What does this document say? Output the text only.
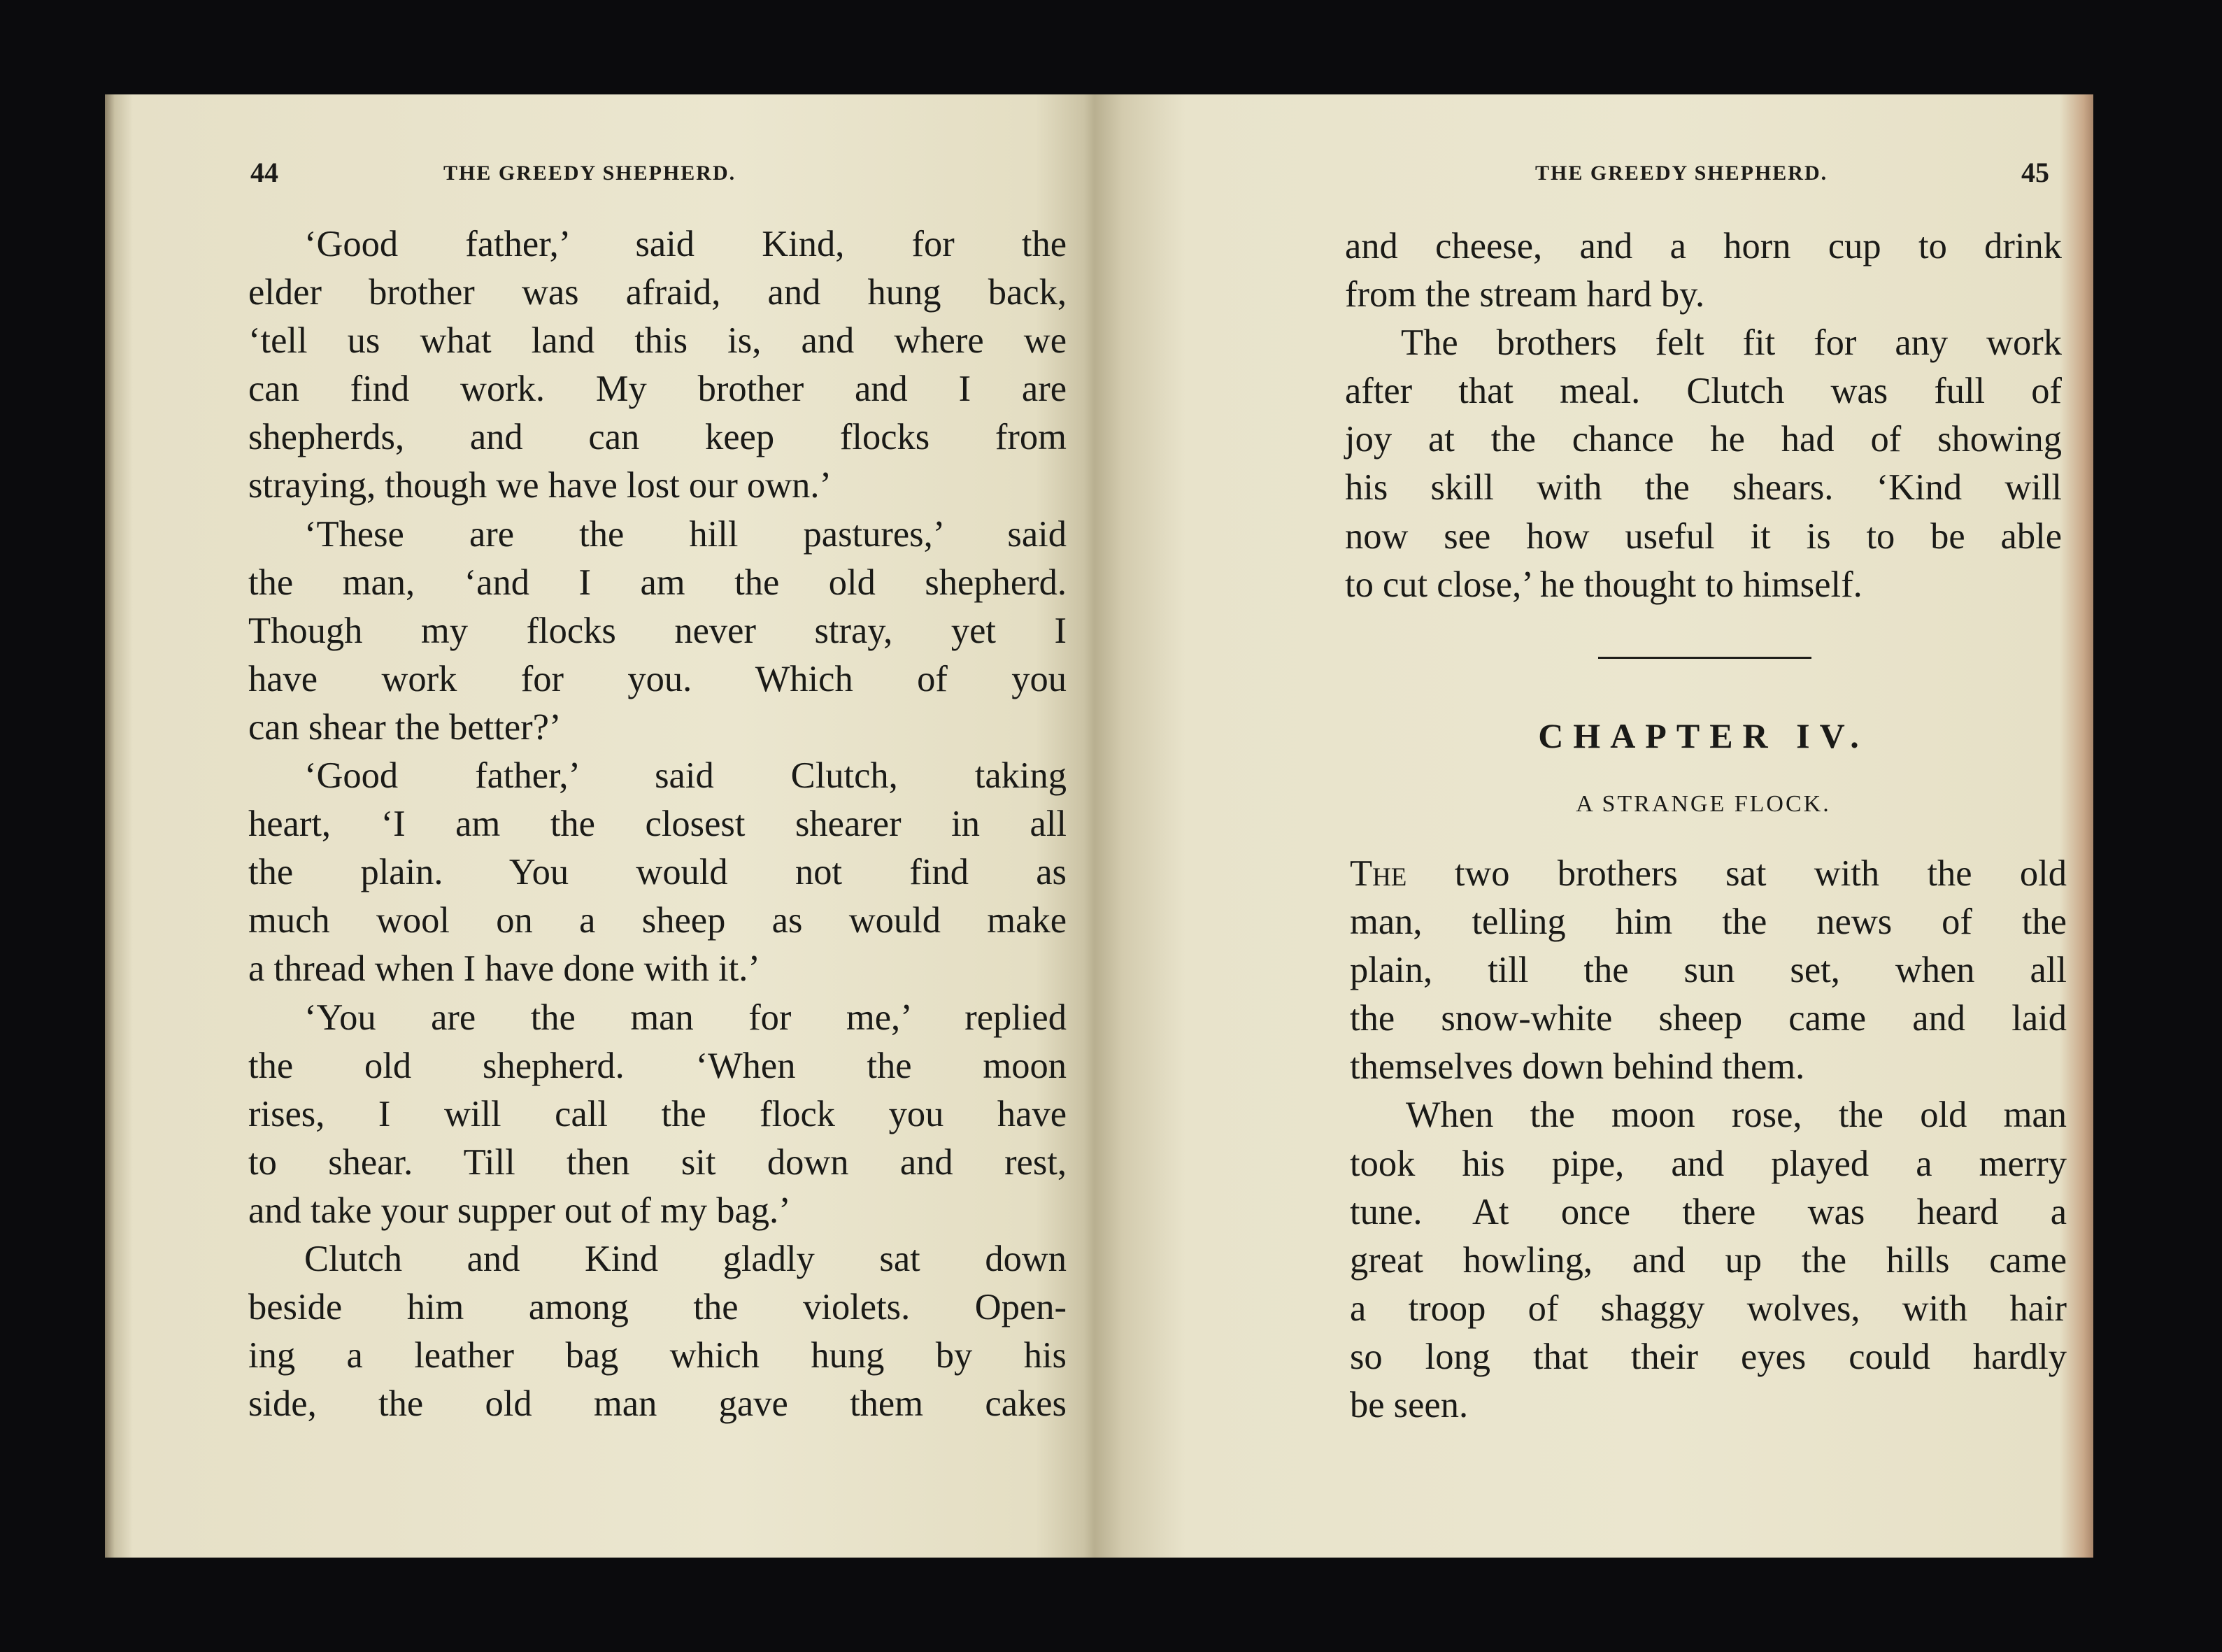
44	THE GREEDY SHEPHERD.
‘Good father,’ said Kind, for the
elder brother was afraid, and hung back,
‘tell us what land this is, and where we
can find work. My brother and I are
shepherds, and can keep flocks from
straying, though we have lost our own.’
‘These are the hill pastures,’ said
the man, ‘and I am the old shepherd.
Though my flocks never stray, yet I
have work for you. Which of you
can shear the better?’
‘Good father,’ said Clutch, taking
heart, ‘I am the closest shearer in all
the plain. You would not find as
much wool on a sheep as would make
a thread when I have done with it.’
‘You are the man for me,’ replied
the old shepherd. ‘When the moon
rises, I will call the flock you have
to shear. Till then sit down and rest,
and take your supper out of my bag.’
Clutch and Kind gladly sat down
beside him among the violets. Open-
ing a leather bag which hung by his
side, the old man gave them cakes
THE GREEDY SHEPHERD.	45
and cheese, and a horn cup to drink
from the stream hard by.
The brothers felt fit for any work
after that meal. Clutch was full of
joy at the chance he had of showing
his skill with the shears. ‘Kind will
now see how useful it is to be able
to cut close,’ he thought to himself.
CHAPTER IV.
A STRANGE FLOCK.
The two brothers sat with the old
man, telling him the news of the
plain, till the sun set, when all
the snow-white sheep came and laid
themselves down behind them.
When the moon rose, the old man
took his pipe, and played a merry
tune. At once there was heard a
great howling, and up the hills came
a troop of shaggy wolves, with hair
so long that their eyes could hardly
be seen.
